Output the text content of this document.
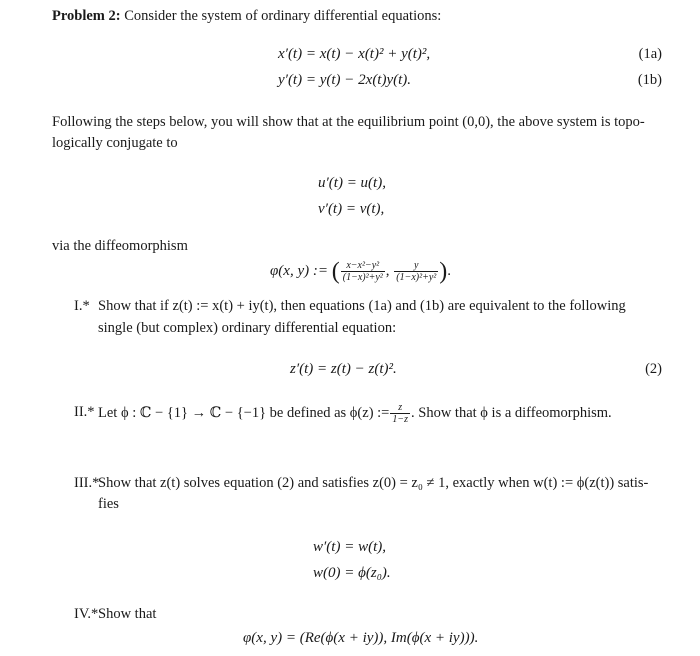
Problem 2: Consider the system of ordinary differential equations:
x′(t) = x(t) − x(t)² + y(t)²,	(1a)
y′(t) = y(t) − 2x(t)y(t).	(1b)
Following the steps below, you will show that at the equilibrium point (0,0), the above system is topo-
logically conjugate to
u′(t) = u(t),
v′(t) = v(t),
via the diffeomorphism
φ(x, y) := ( $\frac{\text{x−x²−y²}}{\text{(1−x)²+y²}}$ , $\frac{y}{\text{(1−x)²+y²}}$ ).
I.* Show that if z(t) := x(t) + iy(t), then equations (1a) and (1b) are equivalent to the following
single (but complex) ordinary differential equation:
z′(t) = z(t) − z(t)².	(2)
II.* Let ϕ : ℂ − {1} → ℂ − {−1} be defined as ϕ(z) := $\frac{z}{1-z}$ . Show that ϕ is a diffeomorphism.
III.*
Show that z(t) solves equation (2) and satisfies z(0) = z₀ ≠ 1, exactly when w(t) := ϕ(z(t)) satis-
fies
w′(t) = w(t),
w(0) = ϕ(z₀).
IV.* Show that
φ(x, y) = (Re(ϕ(x + iy)), Im(ϕ(x + iy))).
